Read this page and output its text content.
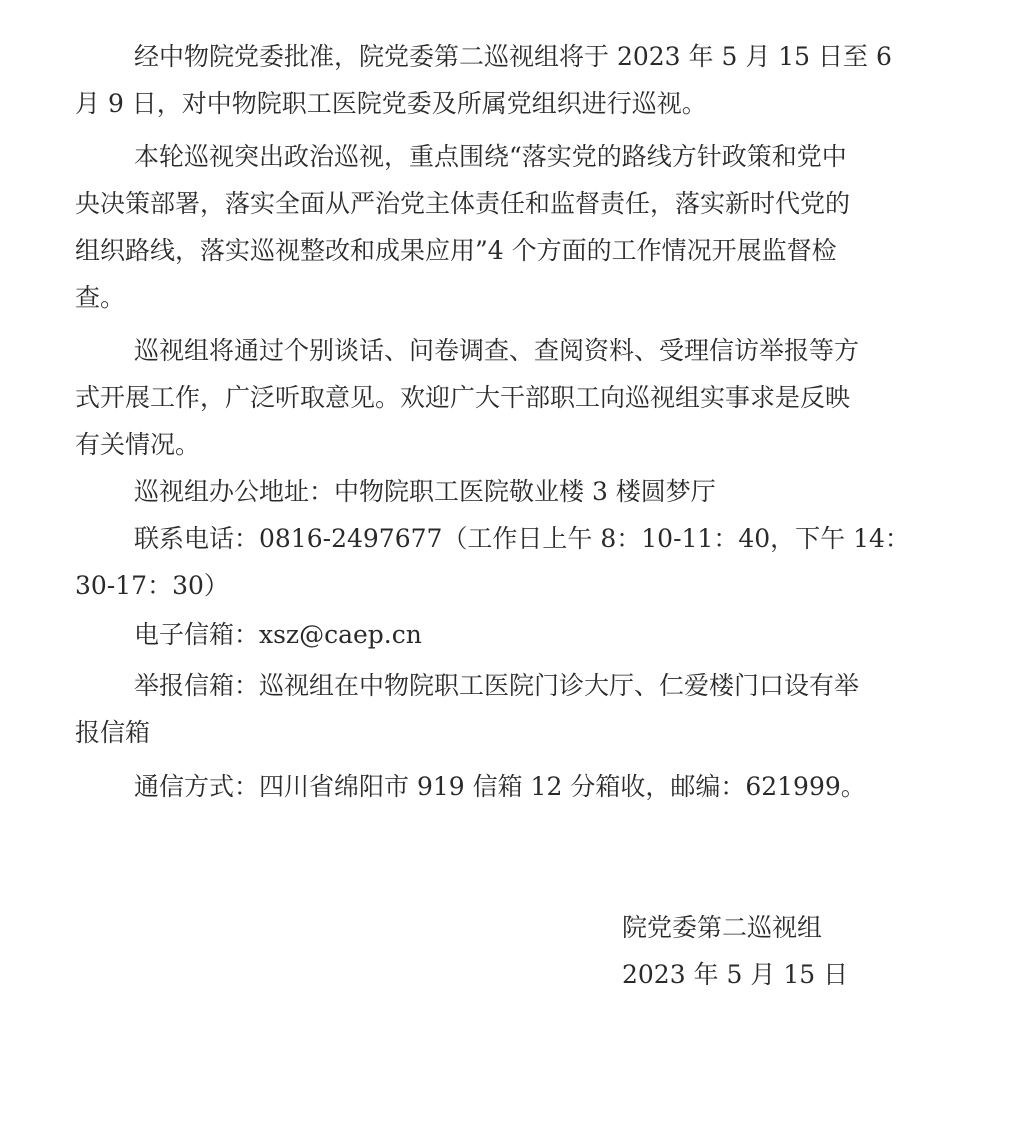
经中物院党委批准，院党委第二巡视组将于 2023 年 5 月 15 日至 6
月 9 日，对中物院职工医院党委及所属党组织进行巡视。
本轮巡视突出政治巡视，重点围绕“落实党的路线方针政策和党中
央决策部署，落实全面从严治党主体责任和监督责任，落实新时代党的
组织路线，落实巡视整改和成果应用”4 个方面的工作情况开展监督检
查。
巡视组将通过个别谈话、问卷调查、查阅资料、受理信访举报等方
式开展工作，广泛听取意见。欢迎广大干部职工向巡视组实事求是反映
有关情况。
巡视组办公地址：中物院职工医院敬业楼 3 楼圆梦厅
联系电话：0816-2497677（工作日上午 8：10-11：40，下午 14：
30-17：30）
电子信箱：xsz@caep.cn
举报信箱：巡视组在中物院职工医院门诊大厅、仁爱楼门口设有举
报信箱
通信方式：四川省绵阳市 919 信箱 12 分箱收，邮编：621999。
院党委第二巡视组
2023 年 5 月 15 日
